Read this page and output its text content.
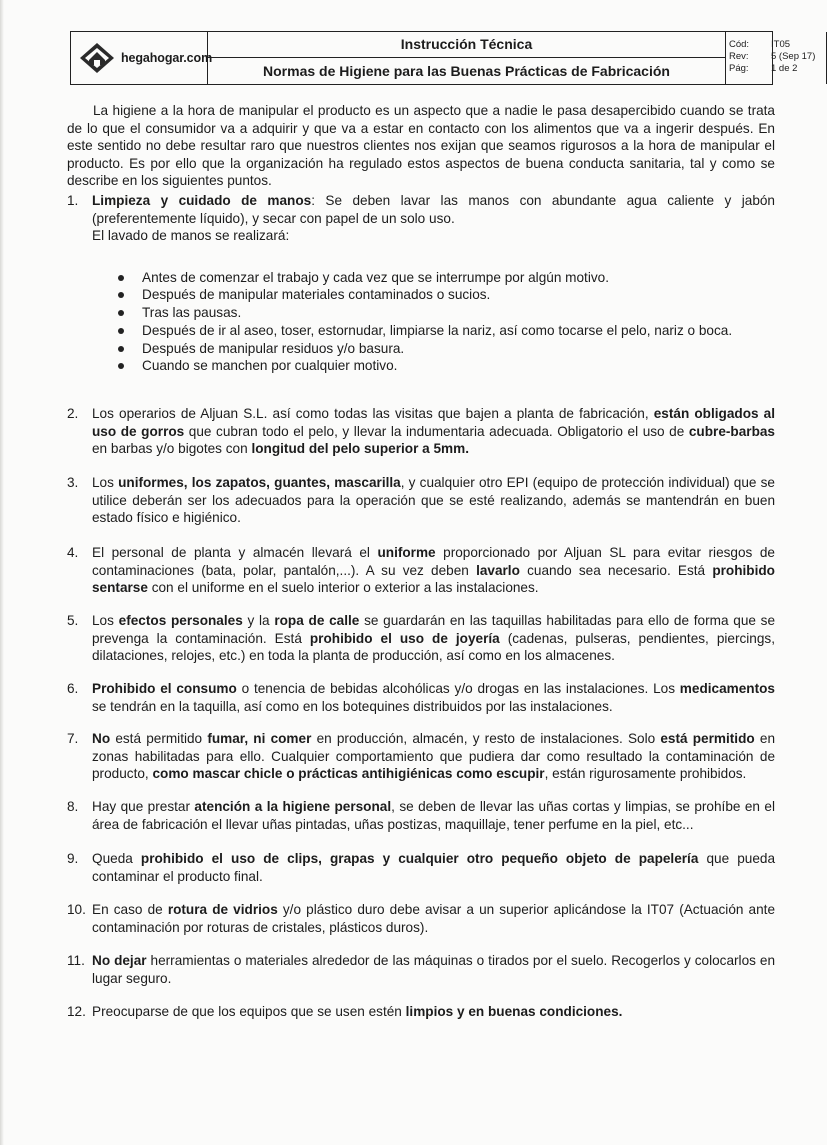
hegahogar.com
Instrucción Técnica
Normas de Higiene para las Buenas Prácticas de Fabricación
Cód: IT05
Rev: 5 (Sep 17)
Pág: 1 de 2

La higiene a la hora de manipular el producto es un aspecto que a nadie le pasa desapercibido cuando se trata de lo que el consumidor va a adquirir y que va a estar en contacto con los alimentos que va a ingerir después. En este sentido no debe resultar raro que nuestros clientes nos exijan que seamos rigurosos a la hora de manipular el producto. Es por ello que la organización ha regulado estos aspectos de buena conducta sanitaria, tal y como se describe en los siguientes puntos.

1. Limpieza y cuidado de manos: Se deben lavar las manos con abundante agua caliente y jabón (preferentemente líquido), y secar con papel de un solo uso.

El lavado de manos se realizará:

Antes de comenzar el trabajo y cada vez que se interrumpe por algún motivo.
Después de manipular materiales contaminados o sucios.
Tras las pausas.
Después de ir al aseo, toser, estornudar, limpiarse la nariz, así como tocarse el pelo, nariz o boca.
Después de manipular residuos y/o basura.
Cuando se manchen por cualquier motivo.
2. Los operarios de Aljuan S.L. así como todas las visitas que bajen a planta de fabricación, están obligados al uso de gorros que cubran todo el pelo, y llevar la indumentaria adecuada. Obligatorio el uso de cubre-barbas en barbas y/o bigotes con longitud del pelo superior a 5mm.

3. Los uniformes, los zapatos, guantes, mascarilla, y cualquier otro EPI (equipo de protección individual) que se utilice deberán ser los adecuados para la operación que se esté realizando, además se mantendrán en buen estado físico e higiénico.

4. El personal de planta y almacén llevará el uniforme proporcionado por Aljuan SL para evitar riesgos de contaminaciones (bata, polar, pantalón,...). A su vez deben lavarlo cuando sea necesario. Está prohibido sentarse con el uniforme en el suelo interior o exterior a las instalaciones.

5. Los efectos personales y la ropa de calle se guardarán en las taquillas habilitadas para ello de forma que se prevenga la contaminación. Está prohibido el uso de joyería (cadenas, pulseras, pendientes, piercings, dilataciones, relojes, etc.) en toda la planta de producción, así como en los almacenes.

6. Prohibido el consumo o tenencia de bebidas alcohólicas y/o drogas en las instalaciones. Los medicamentos se tendrán en la taquilla, así como en los botequines distribuidos por las instalaciones.

7. No está permitido fumar, ni comer en producción, almacén, y resto de instalaciones. Solo está permitido en zonas habilitadas para ello. Cualquier comportamiento que pudiera dar como resultado la contaminación de producto, como mascar chicle o prácticas antihigiénicas como escupir, están rigurosamente prohibidos.

8. Hay que prestar atención a la higiene personal, se deben de llevar las uñas cortas y limpias, se prohíbe en el área de fabricación el llevar uñas pintadas, uñas postizas, maquillaje, tener perfume en la piel, etc...

9. Queda prohibido el uso de clips, grapas y cualquier otro pequeño objeto de papelería que pueda contaminar el producto final.

10. En caso de rotura de vidrios y/o plástico duro debe avisar a un superior aplicándose la IT07 (Actuación ante contaminación por roturas de cristales, plásticos duros).

11. No dejar herramientas o materiales alrededor de las máquinas o tirados por el suelo. Recogerlos y colocarlos en lugar seguro.

12. Preocuparse de que los equipos que se usen estén limpios y en buenas condiciones.
